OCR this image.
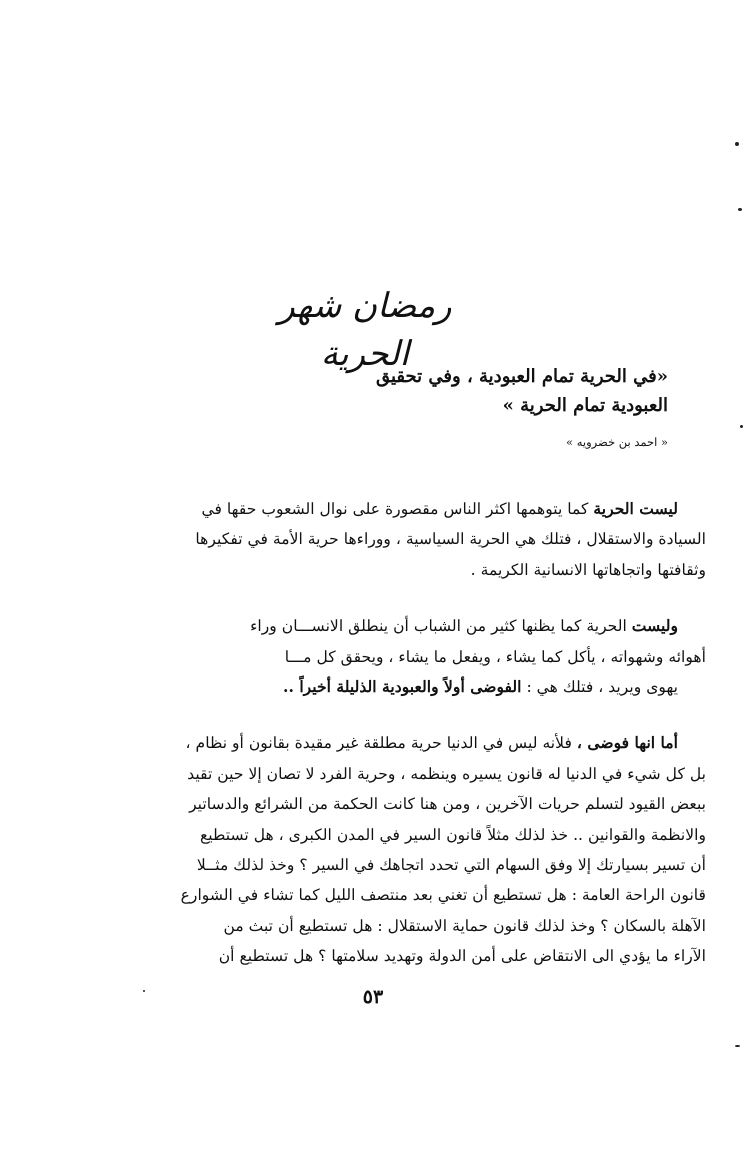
رمضان شهر الحرية
«في الحرية تمام العبودية ، وفي تحقيق
العبودية تمام الحرية »
« احمد بن خضرويه »
ليست الحرية كما يتوهمها اكثر الناس مقصورة على نوال الشعوب حقها في
السيادة والاستقلال ، فتلك هي الحرية السياسية ، ووراءها حرية الأمة في تفكيرها
وثقافتها واتجاهاتها الانسانية الكريمة .
وليست الحرية كما يظنها كثير من الشباب أن ينطلق الانســـان وراء
أهوائه وشهواته ، يأكل كما يشاء ، ويفعل ما يشاء ، ويحقق كل مـــا
يهوى ويريد ، فتلك هي : الفوضى أولاً والعبودية الذليلة أخيراً ..
أما انها فوضى ، فلأنه ليس في الدنيا حرية مطلقة غير مقيدة بقانون أو نظام ،
بل كل شيء في الدنيا له قانون يسيره وينظمه ، وحرية الفرد لا تصان إلا حين تقيد
ببعض القيود لتسلم حريات الآخرين ، ومن هنا كانت الحكمة من الشرائع والدساتير
والانظمة والقوانين .. خذ لذلك مثلاً قانون السير في المدن الكبرى ، هل تستطيع
أن تسير بسيارتك إلا وفق السهام التي تحدد اتجاهك في السير ؟ وخذ لذلك مثــلا
قانون الراحة العامة : هل تستطيع أن تغني بعد منتصف الليل كما تشاء في الشوارع
الآهلة بالسكان ؟ وخذ لذلك قانون حماية الاستقلال : هل تستطيع أن تبث من
الآراء ما يؤدي الى الانتقاض على أمن الدولة وتهديد سلامتها ؟ هل تستطيع أن
٥٣
